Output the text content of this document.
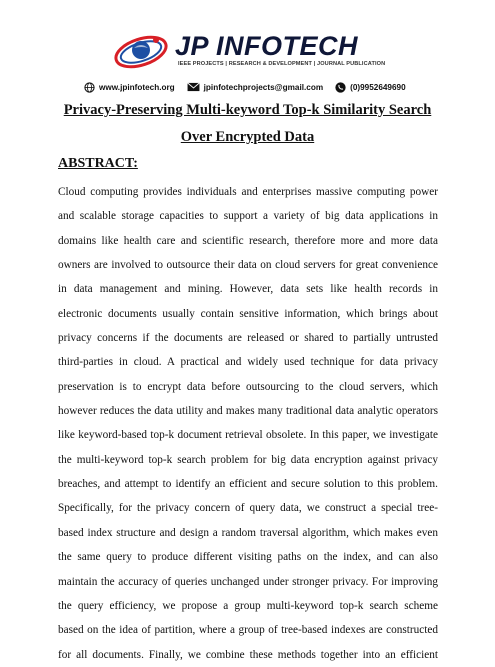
JP INFOTECH
IEEE PROJECTS | RESEARCH & DEVELOPMENT | JOURNAL PUBLICATION
www.jpinfotech.org	jpinfotechprojects@gmail.com	(0)9952649690
Privacy-Preserving Multi-keyword Top-k Similarity Search
Over Encrypted Data
ABSTRACT:
Cloud computing provides individuals and enterprises massive computing power
and scalable storage capacities to support a variety of big data applications in
domains like health care and scientific research, therefore more and more data
owners are involved to outsource their data on cloud servers for great convenience
in data management and mining. However, data sets like health records in
electronic documents usually contain sensitive information, which brings about
privacy concerns if the documents are released or shared to partially untrusted
third-parties in cloud. A practical and widely used technique for data privacy
preservation is to encrypt data before outsourcing to the cloud servers, which
however reduces the data utility and makes many traditional data analytic operators
like keyword-based top-k document retrieval obsolete. In this paper, we investigate
the multi-keyword top-k search problem for big data encryption against privacy
breaches, and attempt to identify an efficient and secure solution to this problem.
Specifically, for the privacy concern of query data, we construct a special tree-
based index structure and design a random traversal algorithm, which makes even
the same query to produce different visiting paths on the index, and can also
maintain the accuracy of queries unchanged under stronger privacy. For improving
the query efficiency, we propose a group multi-keyword top-k search scheme
based on the idea of partition, where a group of tree-based indexes are constructed
for all documents. Finally, we combine these methods together into an efficient
